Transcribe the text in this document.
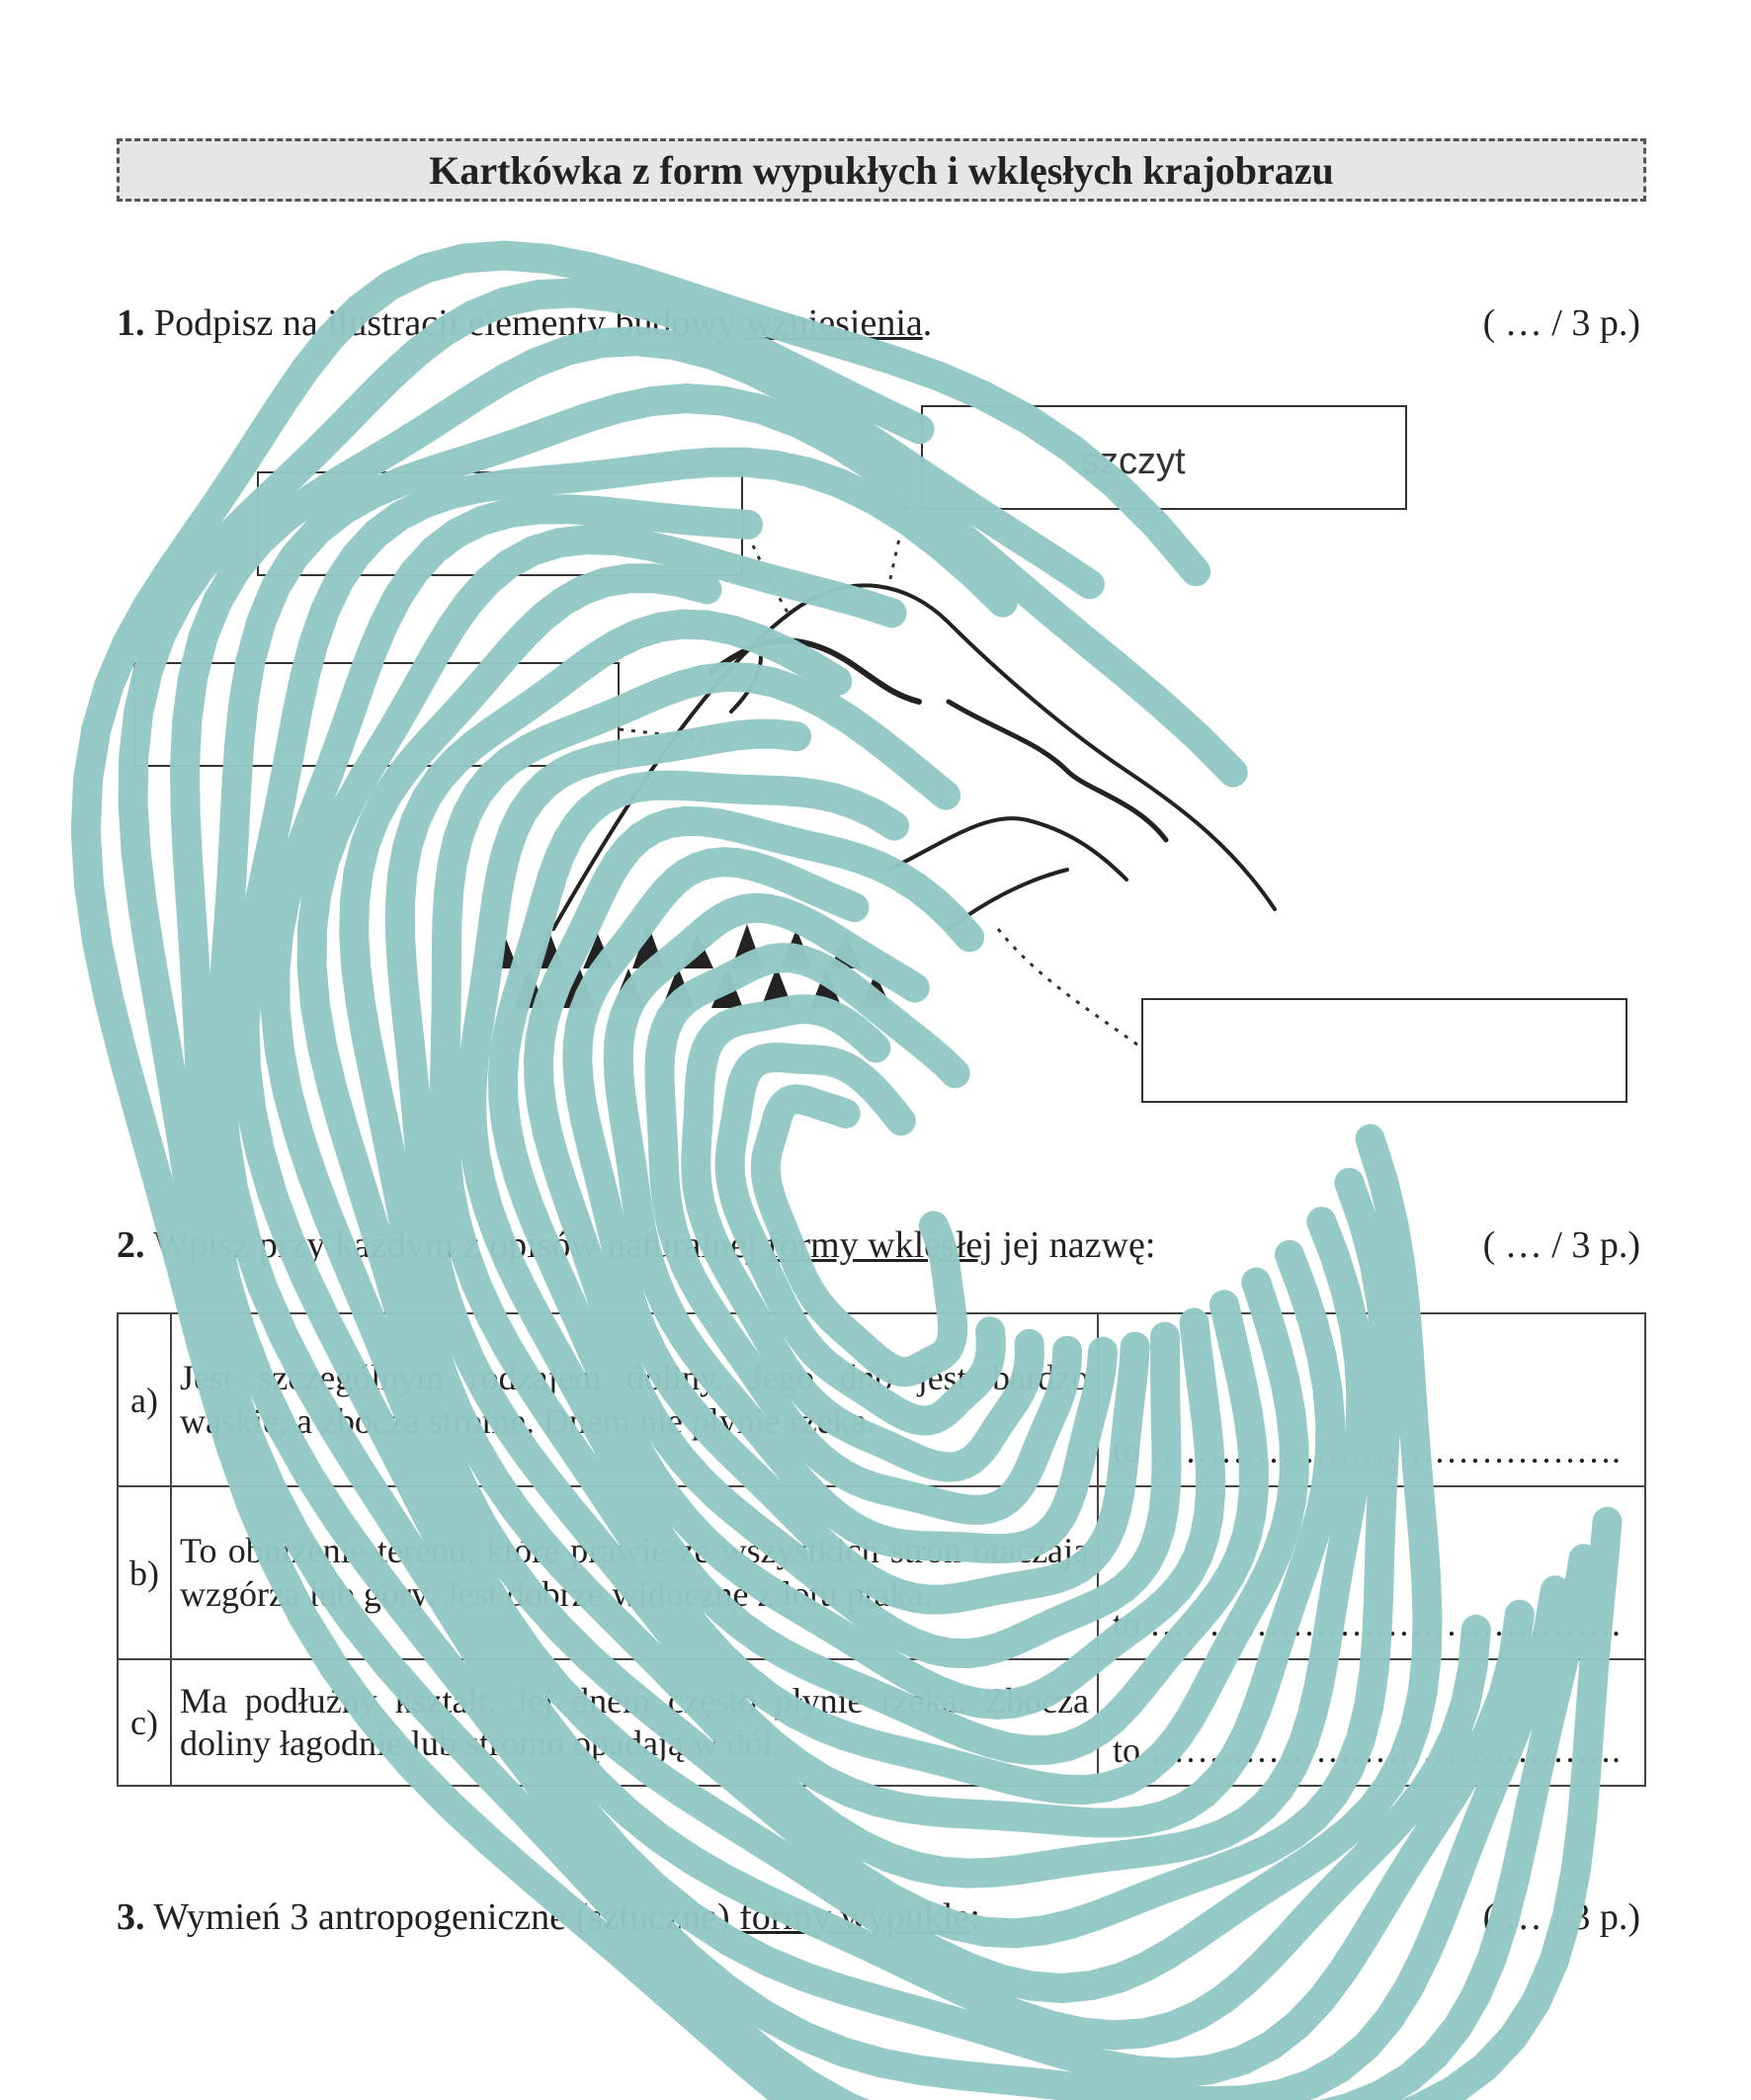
Kartkówka z form wypukłych i wklęsłych krajobrazu
1. Podpisz na ilustracji elementy budowy wzniesienia.	( … / 3 p.)
szczyt
2. Wpisz przy każdym z opisów naturalnej formy wklęsłej jej nazwę:	( … / 3 p.)
a)	Jest szczególnym rodzajem doliny. Jego dno jest bardzo wąskie, a zbocza strome. Dnem nie płynie rzeka.	to ………………………………….
b)	To obniżenie terenu, które prawie ze wszystkich stron otaczają wzgórza lub góry. Jest dobrze widoczne z lotu ptaka.	to ………………………………….
c)	Ma podłużny kształt. Jej dnem często płynie rzeka. Zbocza doliny łagodnie lub stromo opadają w dół.	to ………………………………….
3. Wymień 3 antropogeniczne (sztuczne) formy wypukłe:	( … / 3 p.)
